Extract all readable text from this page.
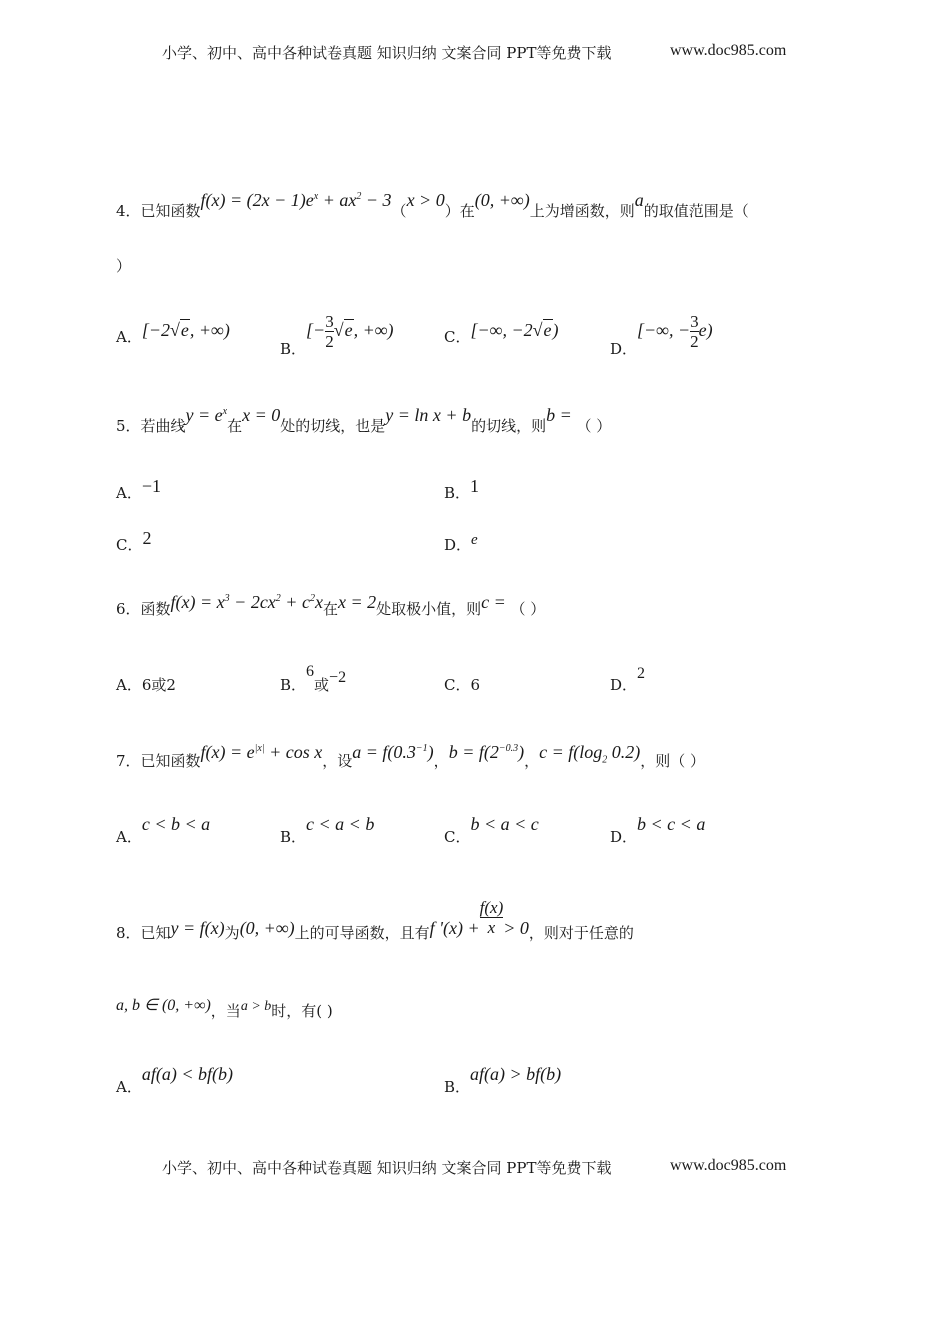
小学、初中、高中各种试卷真题 知识归纳 文案合同 PPT等免费下载	www.doc985.com
4．已知函数$f(x) = (2x - 1)e^x + ax^2 - 3(x > 0)$在(0, +∞)上为增函数，则a的取值范围是（
）
A．[−2√e, +∞)
B．[− $\frac{3}{2} √e$, +∞)	C．[−∞, −2√e)
D．[−∞, − $\frac{3}{2} e$)
5．若曲线$y = e^x$在x = 0处的切线，也是y = ln x + b的切线，则b = （ ）
A．−1	B．1
C．2	D．e
6．函数$f(x) = x^3 - 2cx^2 + c^2x$在x = 2处取极小值，则c = （ ）
A．6或2	B．6或−2	C．6	D．2
7．已知函数$f(x) = e^{|x|} + \cos x$，设$a = f(0.3^{-1})$，$b = f(2^{-0.3})$，$c = f(\log_2$ 0.2)，则（ ）
A．c < b < a
B．c < a < b
C．b < a < c
D．b < c < a
8．已知y = f(x)为(0, +∞)上的可导函数，且有f '$(x) + \frac{f(x)}{x} > 0$，则对于任意的
a, b ∈ (0, +∞)，当a > b时，有( )
A．af(a) < bf(b)
B．af(a) > bf(b)
小学、初中、高中各种试卷真题 知识归纳 文案合同 PPT等免费下载	www.doc985.com
